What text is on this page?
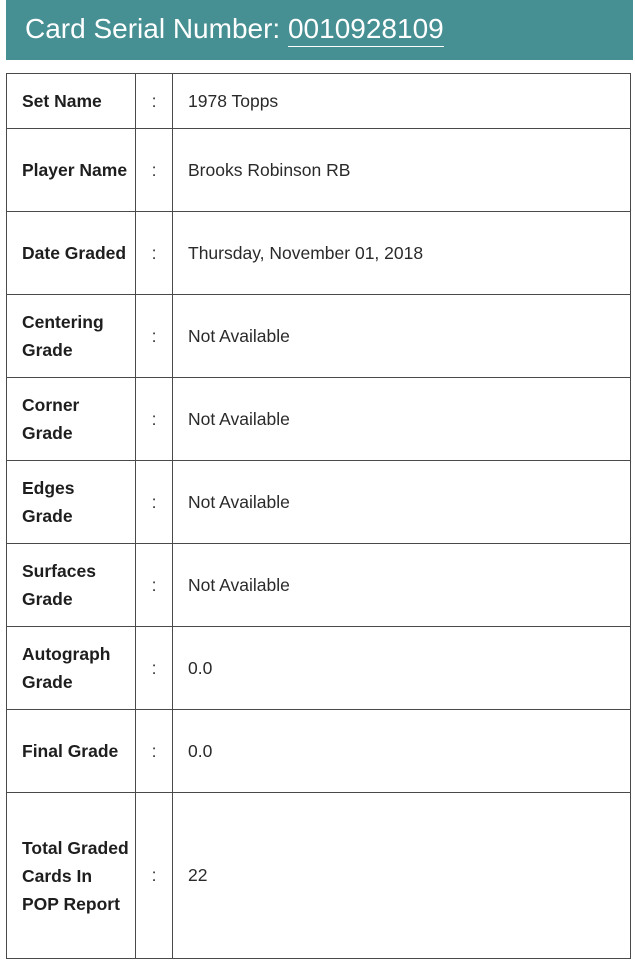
Card Serial Number: 0010928109
Set Name	:	1978 Topps
Player Name	:	Brooks Robinson RB
Date Graded	:	Thursday, November 01, 2018
Centering Grade	:	Not Available
Corner Grade	:	Not Available
Edges Grade	:	Not Available
Surfaces Grade	:	Not Available
Autograph Grade	:	0.0
Final Grade	:	0.0
Total Graded Cards In POP Report	:	22
